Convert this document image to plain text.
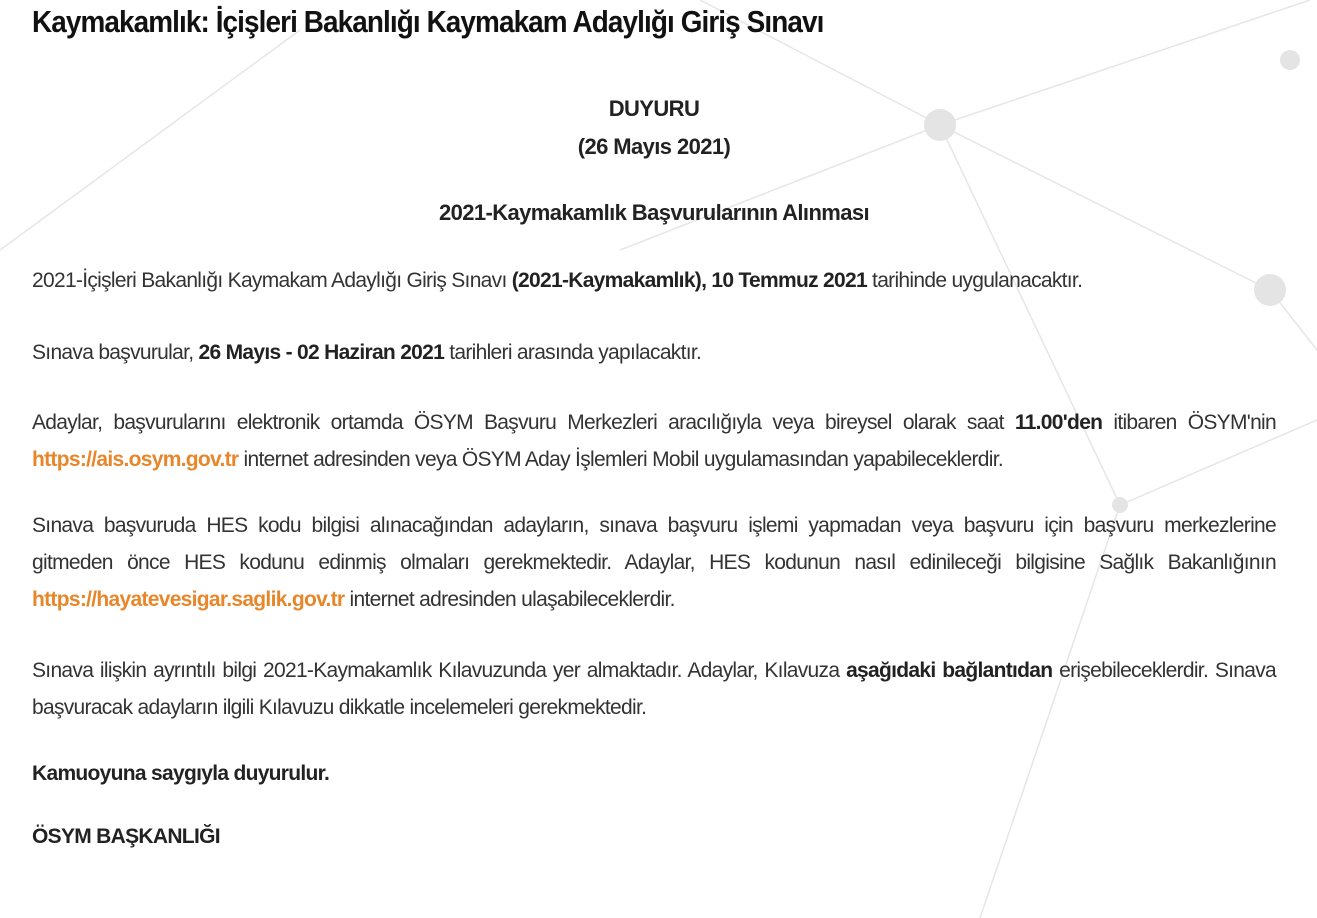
Kaymakamlık: İçişleri Bakanlığı Kaymakam Adaylığı Giriş Sınavı
DUYURU
(26 Mayıs 2021)
2021-Kaymakamlık Başvurularının Alınması

2021-İçişleri Bakanlığı Kaymakam Adaylığı Giriş Sınavı (2021-Kaymakamlık), 10 Temmuz 2021 tarihinde uygulanacaktır.

Sınava başvurular, 26 Mayıs - 02 Haziran 2021 tarihleri arasında yapılacaktır.

Adaylar, başvurularını elektronik ortamda ÖSYM Başvuru Merkezleri aracılığıyla veya bireysel olarak saat 11.00'den itibaren ÖSYM'nin https://ais.osym.gov.tr internet adresinden veya ÖSYM Aday İşlemleri Mobil uygulamasından yapabileceklerdir.

Sınava başvuruda HES kodu bilgisi alınacağından adayların, sınava başvuru işlemi yapmadan veya başvuru için başvuru merkezlerine gitmeden önce HES kodunu edinmiş olmaları gerekmektedir. Adaylar, HES kodunun nasıl edinileceği bilgisine Sağlık Bakanlığının https://hayatevesigar.saglik.gov.tr internet adresinden ulaşabileceklerdir.

Sınava ilişkin ayrıntılı bilgi 2021-Kaymakamlık Kılavuzunda yer almaktadır. Adaylar, Kılavuza aşağıdaki bağlantıdan erişebileceklerdir. Sınava başvuracak adayların ilgili Kılavuzu dikkatle incelemeleri gerekmektedir.

Kamuoyuna saygıyla duyurulur.

ÖSYM BAŞKANLIĞI
